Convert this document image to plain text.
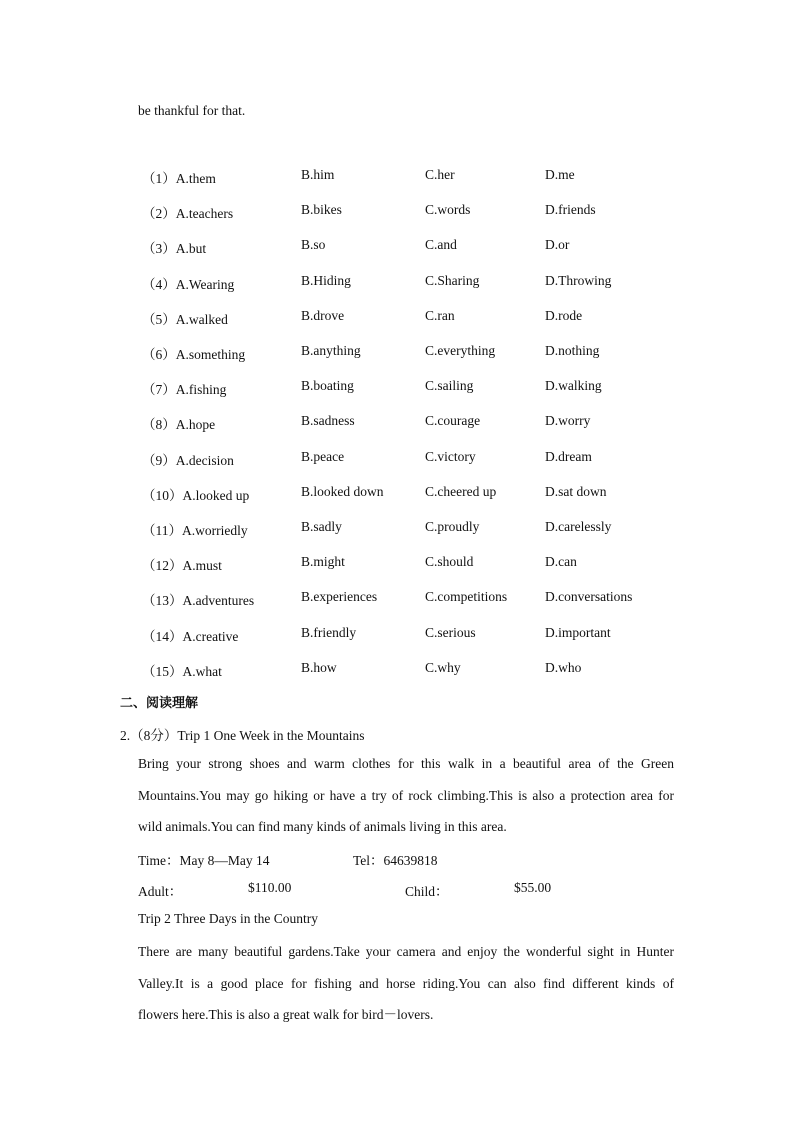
be thankful for that.
（1）A.them	B.him	C.her	D.me
（2）A.teachers	B.bikes	C.words	D.friends
（3）A.but	B.so	C.and	D.or
（4）A.Wearing	B.Hiding	C.Sharing	D.Throwing
（5）A.walked	B.drove	C.ran	D.rode
（6）A.something	B.anything	C.everything	D.nothing
（7）A.fishing	B.boating	C.sailing	D.walking
（8）A.hope	B.sadness	C.courage	D.worry
（9）A.decision	B.peace	C.victory	D.dream
（10）A.looked up	B.looked down	C.cheered up	D.sat down
（11）A.worriedly	B.sadly	C.proudly	D.carelessly
（12）A.must	B.might	C.should	D.can
（13）A.adventures	B.experiences	C.competitions	D.conversations
（14）A.creative	B.friendly	C.serious	D.important
（15）A.what	B.how	C.why	D.who
二、阅读理解
2.（8分）Trip 1 One Week in the Mountains
Bring your strong shoes and warm clothes for this walk in a beautiful area of the Green
Mountains.You may go hiking or have a try of rock climbing.This is also a protection area for
wild animals.You can find many kinds of animals living in this area.
Time：May 8—May 14	Tel：64639818
Adult：	$110.00	Child：	$55.00
Trip 2 Three Days in the Country
There are many beautiful gardens.Take your camera and enjoy the wonderful sight in Hunter
Valley.It is a good place for fishing and horse riding.You can also find different kinds of
flowers here.This is also a great walk for bird－lovers.
